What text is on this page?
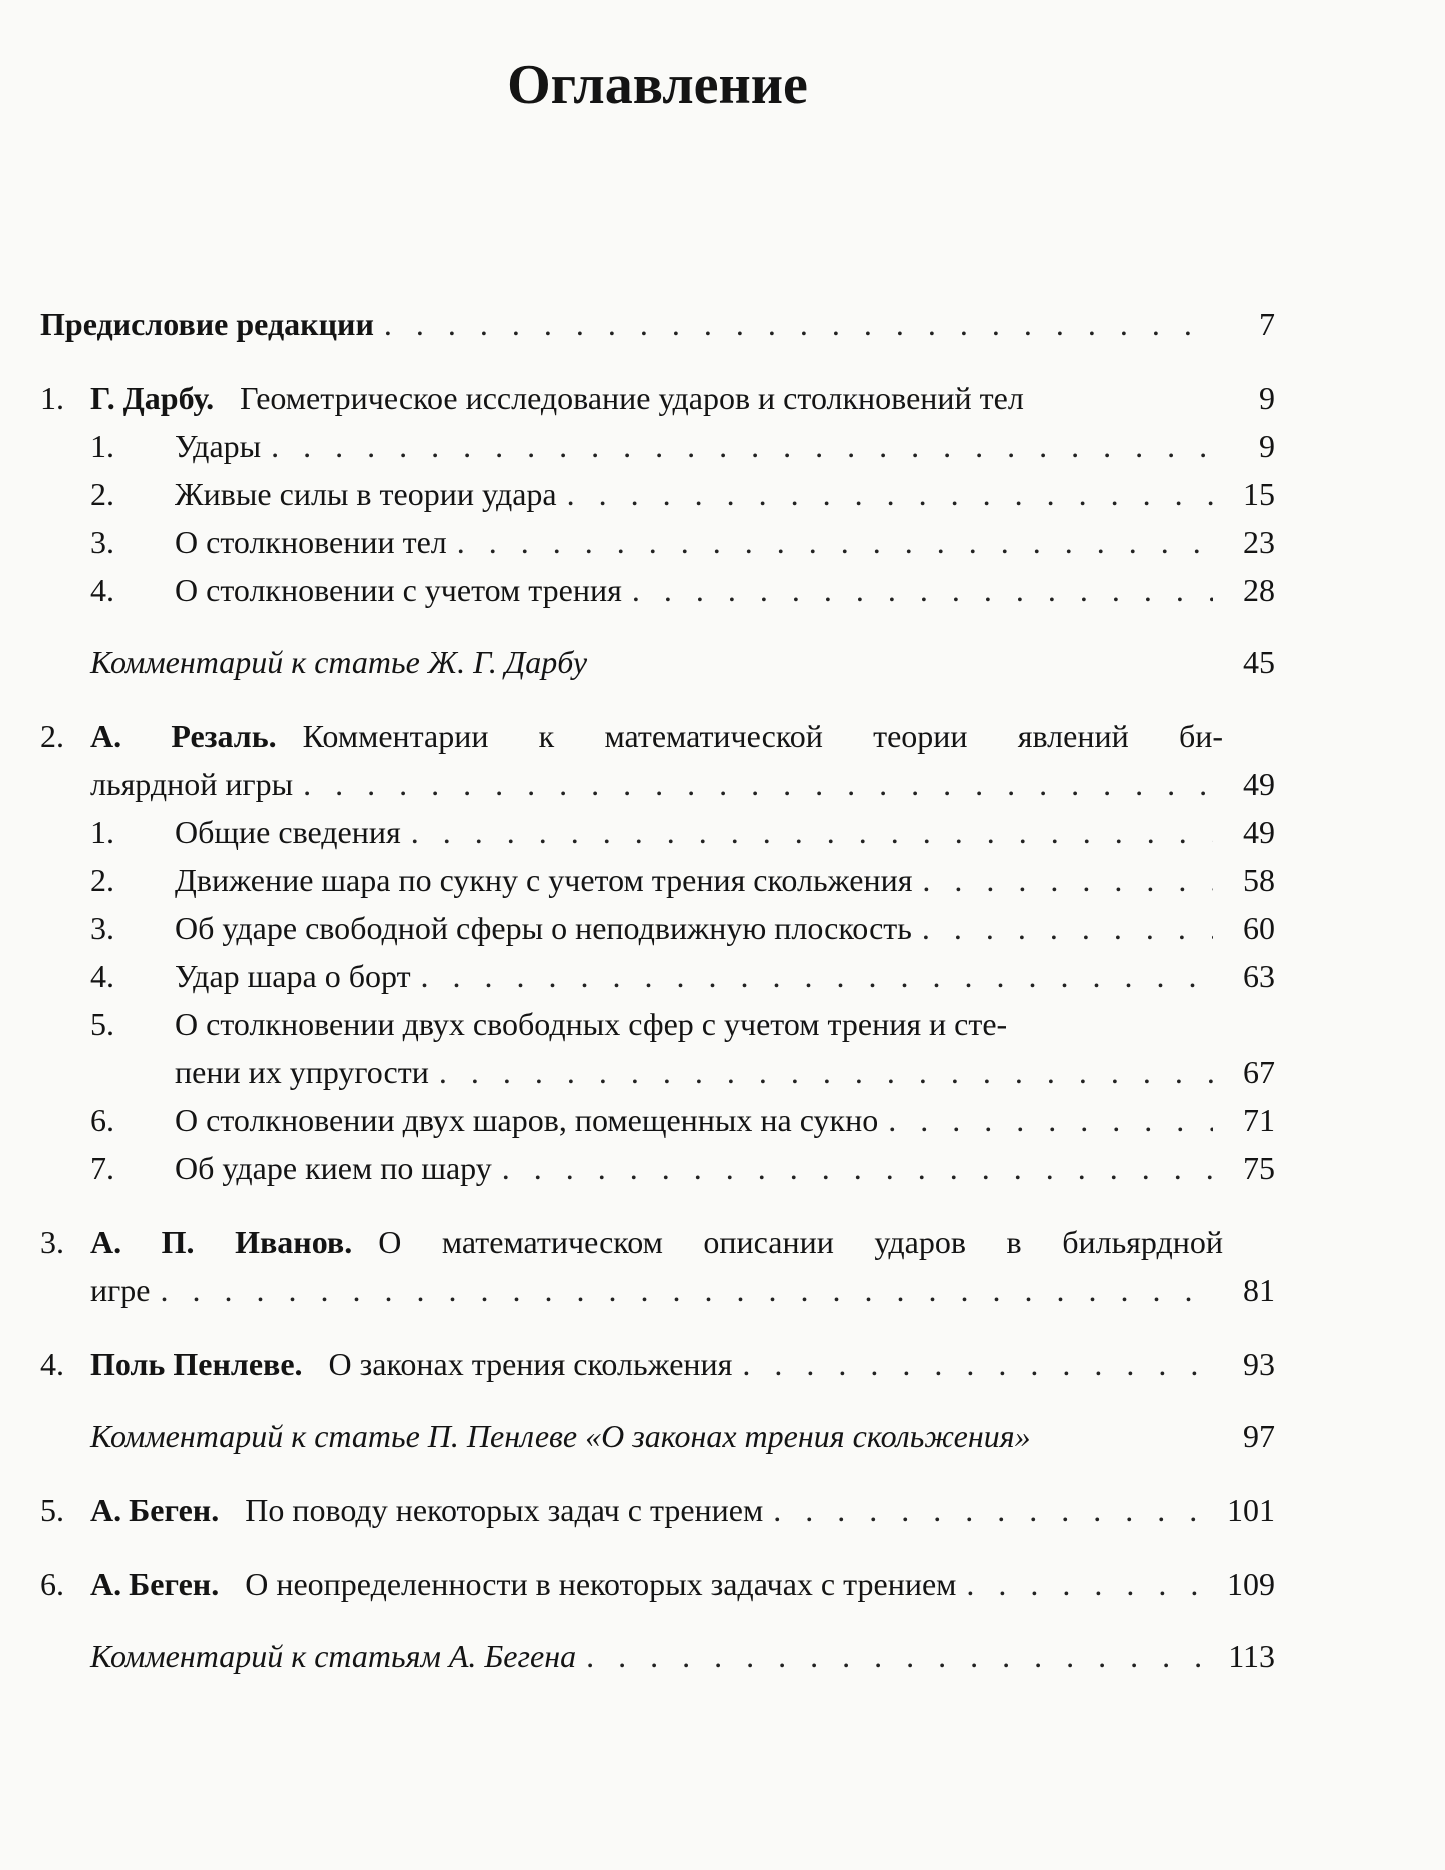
Оглавление
Предисловие редакции . . .	7
1. Г. Дарбу. Геометрическое исследование ударов и столкновений тел	9
1.	Удары . . .	9
2.	Живые силы в теории удара . . .	15
3.	О столкновении тел . . .	23
4.	О столкновении с учетом трения . . .	28
Комментарий к статье Ж. Г. Дарбу	45
2. А. Резаль. Комментарии к математической теории явлений би-
льярдной игры . . .	49
1.	Общие сведения . . .	49
2.	Движение шара по сукну с учетом трения скольжения . . .	58
3.	Об ударе свободной сферы о неподвижную плоскость . . .	60
4.	Удар шара о борт . . .	63
5.	О столкновении двух свободных сфер с учетом трения и сте-
пени их упругости . . .	67
6.	О столкновении двух шаров, помещенных на сукно . . .	71
7.	Об ударе кием по шару . . .	75
3. А. П. Иванов. О математическом описании ударов в бильярдной
игре . . .	81
4. Поль Пенлеве. О законах трения скольжения . . .	93
Комментарий к статье П. Пенлеве «О законах трения скольжения»	97
5. А. Беген. По поводу некоторых задач с трением . . .	101
6. А. Беген. О неопределенности в некоторых задачах с трением . . .	109
Комментарий к статьям А. Бегена . . .	113
